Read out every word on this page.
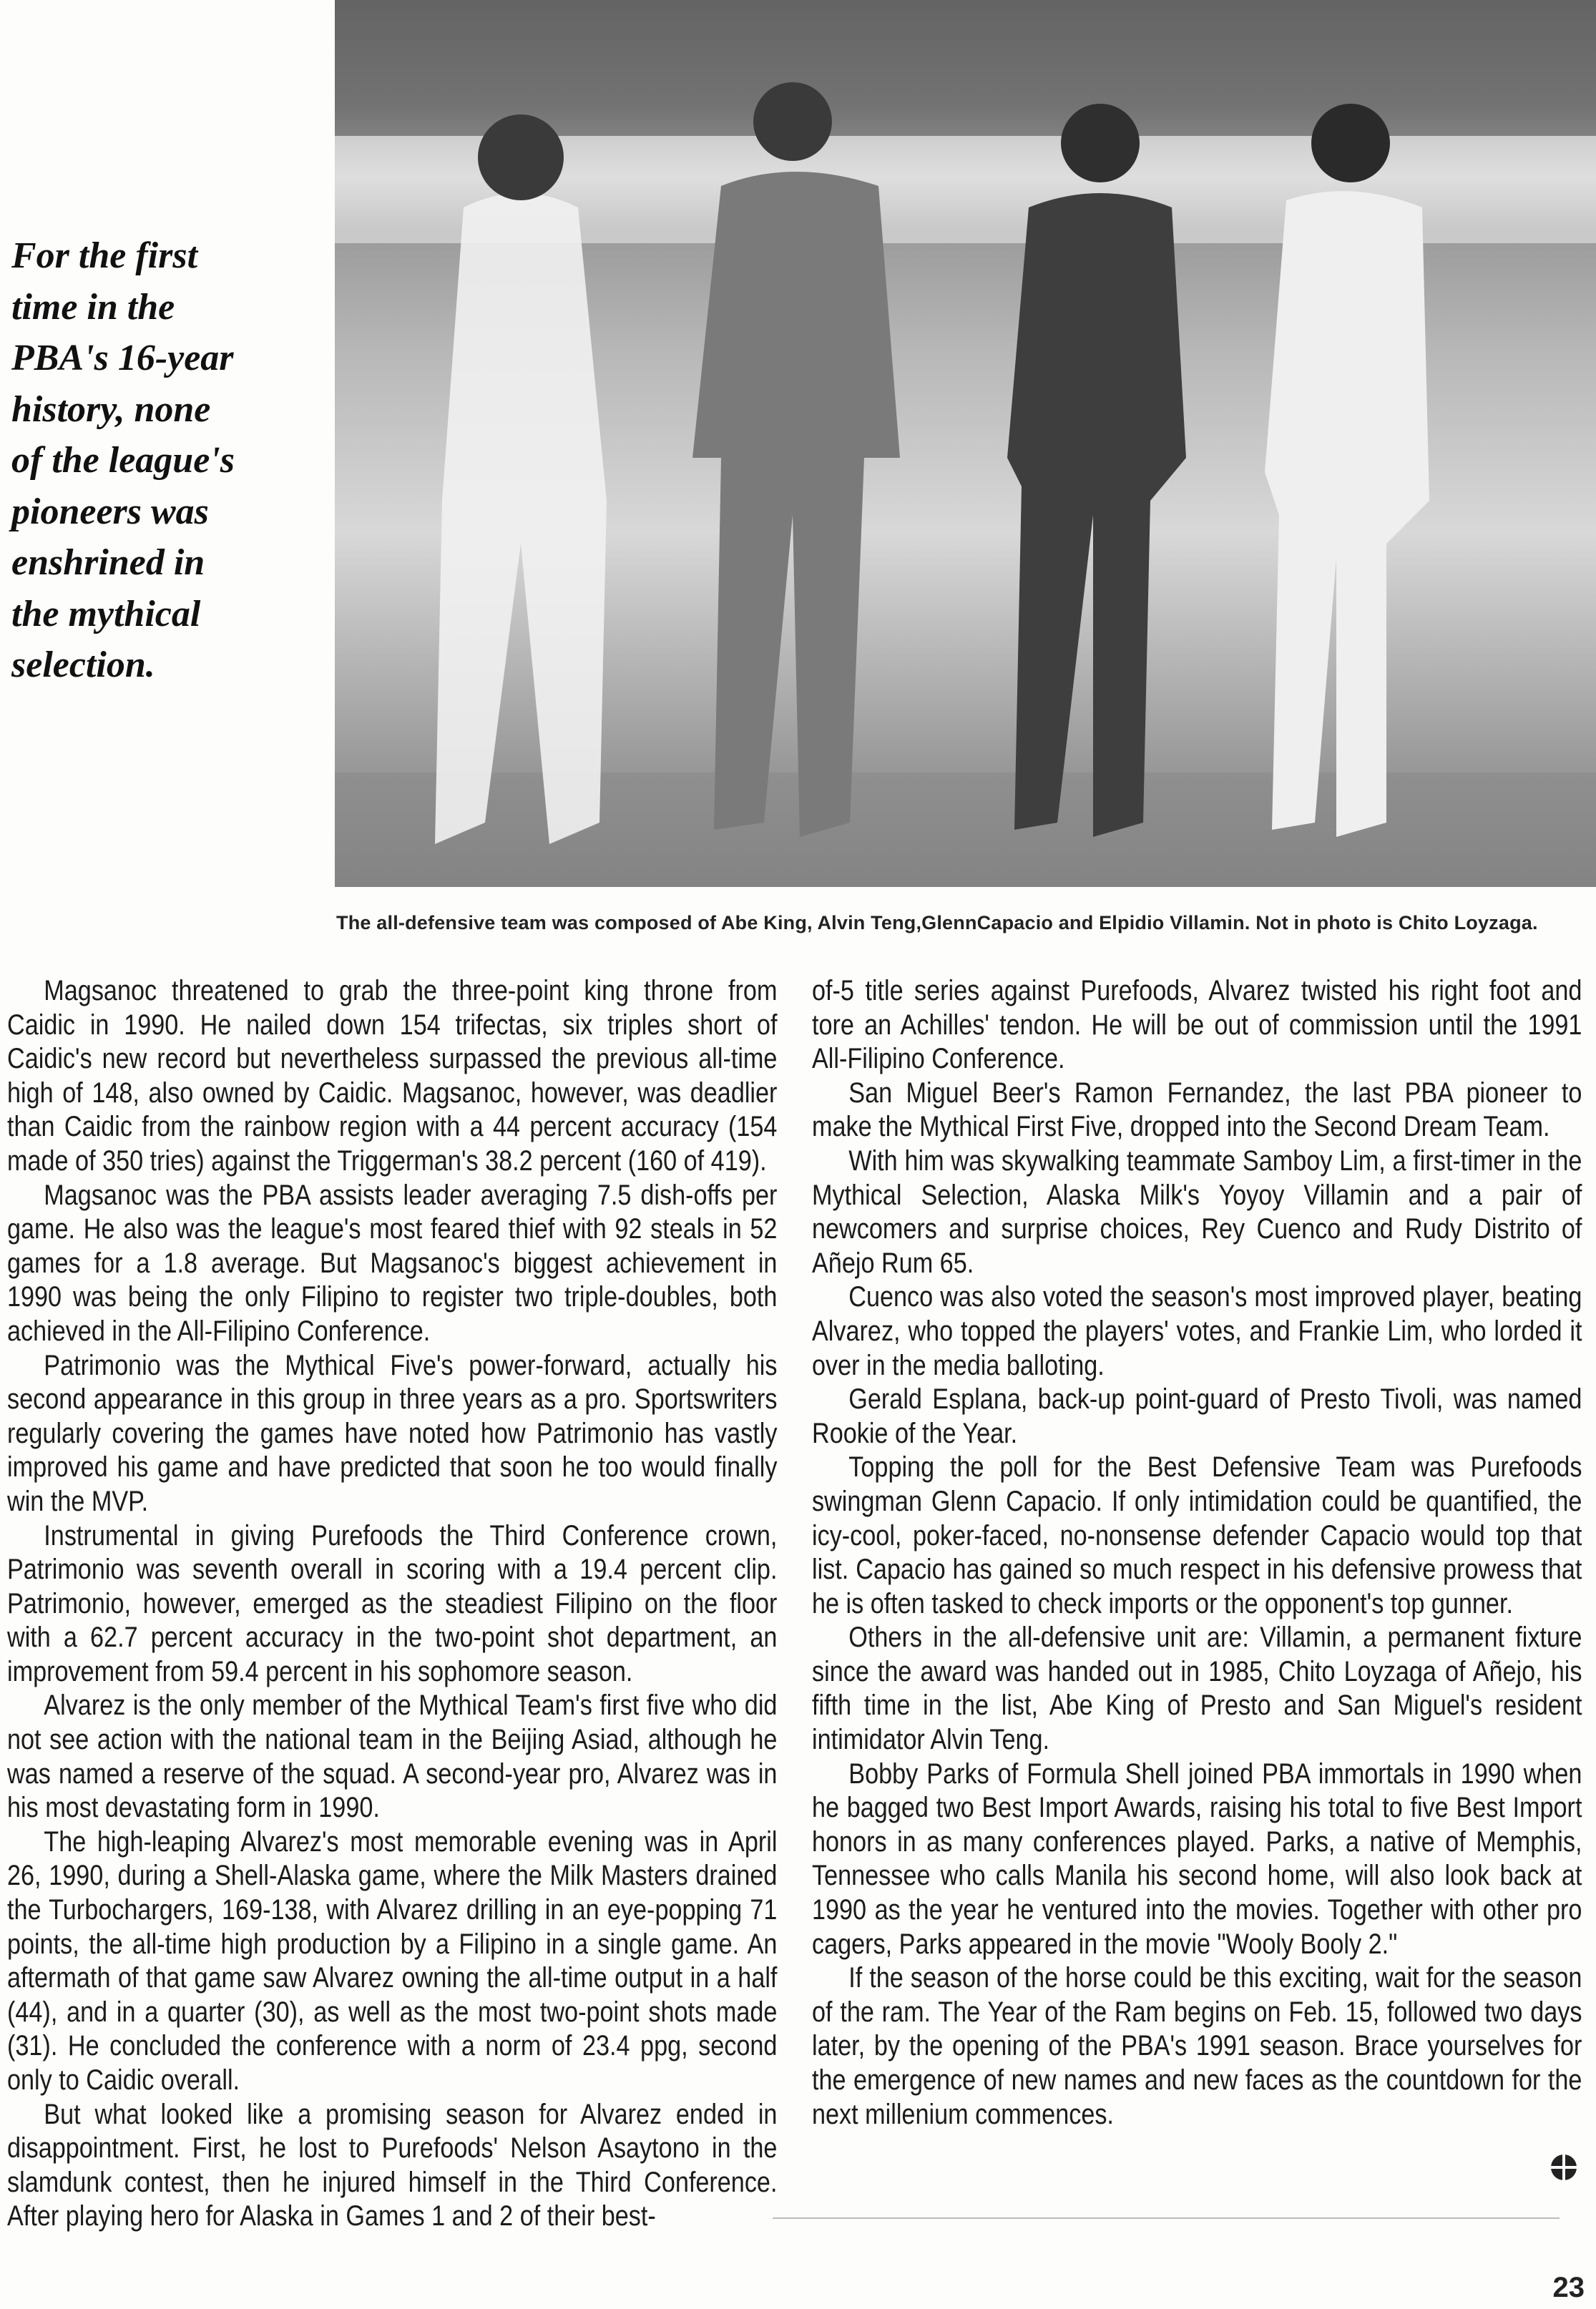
For the first
time in the
PBA's 16-year
history, none
of the league's
pioneers was
enshrined in
the mythical
selection.
The all-defensive team was composed of Abe King, Alvin Teng,GlennCapacio and Elpidio Villamin. Not in photo is Chito Loyzaga.

Magsanoc threatened to grab the three-point king throne from Caidic in 1990. He nailed down 154 trifectas, six triples short of Caidic's new record but nevertheless surpassed the previous all-time high of 148, also owned by Caidic. Magsanoc, however, was deadlier than Caidic from the rainbow region with a 44 percent accuracy (154 made of 350 tries) against the Triggerman's 38.2 percent (160 of 419).

Magsanoc was the PBA assists leader averaging 7.5 dish-offs per game. He also was the league's most feared thief with 92 steals in 52 games for a 1.8 average. But Magsanoc's biggest achievement in 1990 was being the only Filipino to register two triple-doubles, both achieved in the All-Filipino Conference.

Patrimonio was the Mythical Five's power-forward, actually his second appearance in this group in three years as a pro. Sportswriters regularly covering the games have noted how Patrimonio has vastly improved his game and have predicted that soon he too would finally win the MVP.

Instrumental in giving Purefoods the Third Conference crown, Patrimonio was seventh overall in scoring with a 19.4 percent clip. Patrimonio, however, emerged as the steadiest Filipino on the floor with a 62.7 percent accuracy in the two-point shot department, an improvement from 59.4 percent in his sophomore season.

Alvarez is the only member of the Mythical Team's first five who did not see action with the national team in the Beijing Asiad, although he was named a reserve of the squad. A second-year pro, Alvarez was in his most devastating form in 1990.

The high-leaping Alvarez's most memorable evening was in April 26, 1990, during a Shell-Alaska game, where the Milk Masters drained the Turbochargers, 169-138, with Alvarez drilling in an eye-popping 71 points, the all-time high production by a Filipino in a single game. An aftermath of that game saw Alvarez owning the all-time output in a half (44), and in a quarter (30), as well as the most two-point shots made (31). He concluded the conference with a norm of 23.4 ppg, second only to Caidic overall.

But what looked like a promising season for Alvarez ended in disappointment. First, he lost to Purefoods' Nelson Asaytono in the slamdunk contest, then he injured himself in the Third Conference. After playing hero for Alaska in Games 1 and 2 of their best-

of-5 title series against Purefoods, Alvarez twisted his right foot and tore an Achilles' tendon. He will be out of commission until the 1991 All-Filipino Conference.

San Miguel Beer's Ramon Fernandez, the last PBA pioneer to make the Mythical First Five, dropped into the Second Dream Team.

With him was skywalking teammate Samboy Lim, a first-timer in the Mythical Selection, Alaska Milk's Yoyoy Villamin and a pair of newcomers and surprise choices, Rey Cuenco and Rudy Distrito of Añejo Rum 65.

Cuenco was also voted the season's most improved player, beating Alvarez, who topped the players' votes, and Frankie Lim, who lorded it over in the media balloting.

Gerald Esplana, back-up point-guard of Presto Tivoli, was named Rookie of the Year.

Topping the poll for the Best Defensive Team was Purefoods swingman Glenn Capacio. If only intimidation could be quantified, the icy-cool, poker-faced, no-nonsense defender Capacio would top that list. Capacio has gained so much respect in his defensive prowess that he is often tasked to check imports or the opponent's top gunner.

Others in the all-defensive unit are: Villamin, a permanent fixture since the award was handed out in 1985, Chito Loyzaga of Añejo, his fifth time in the list, Abe King of Presto and San Miguel's resident intimidator Alvin Teng.

Bobby Parks of Formula Shell joined PBA immortals in 1990 when he bagged two Best Import Awards, raising his total to five Best Import honors in as many conferences played. Parks, a native of Memphis, Tennessee who calls Manila his second home, will also look back at 1990 as the year he ventured into the movies. Together with other pro cagers, Parks appeared in the movie "Wooly Booly 2."

If the season of the horse could be this exciting, wait for the season of the ram. The Year of the Ram begins on Feb. 15, followed two days later, by the opening of the PBA's 1991 season. Brace yourselves for the emergence of new names and new faces as the countdown for the next millenium commences.

23
